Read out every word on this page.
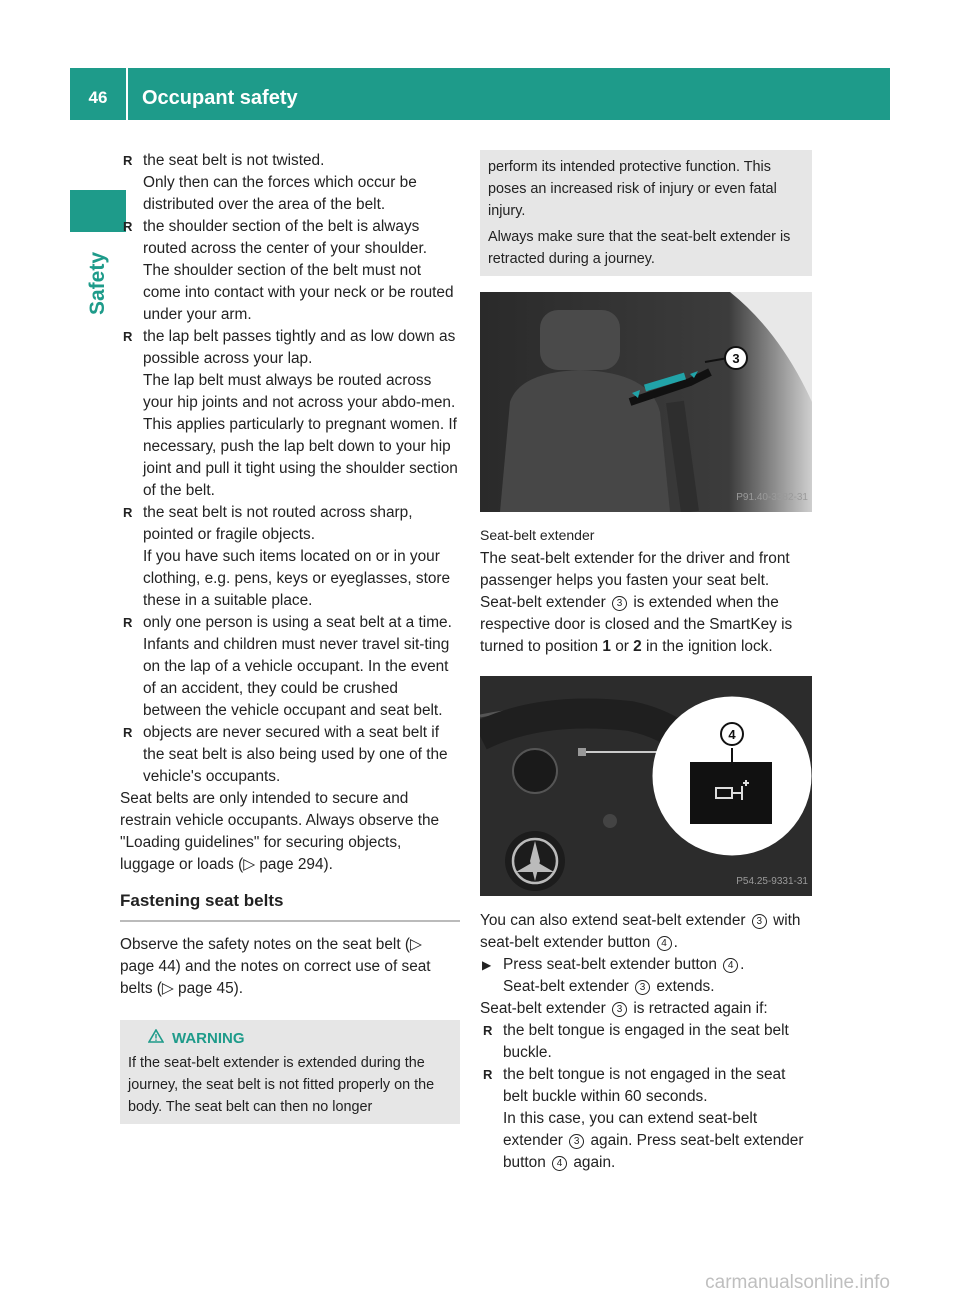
46	Occupant safety
Safety

R the seat belt is not twisted.

Only then can the forces which occur be distributed over the area of the belt.

R the shoulder section of the belt is always routed across the center of your shoulder.

The shoulder section of the belt must not come into contact with your neck or be routed under your arm.

R the lap belt passes tightly and as low down as possible across your lap.

The lap belt must always be routed across your hip joints and not across your abdo-men. This applies particularly to pregnant women. If necessary, push the lap belt down to your hip joint and pull it tight using the shoulder section of the belt.

R the seat belt is not routed across sharp, pointed or fragile objects.

If you have such items located on or in your clothing, e.g. pens, keys or eyeglasses, store these in a suitable place.

R only one person is using a seat belt at a time.

Infants and children must never travel sit-ting on the lap of a vehicle occupant. In the event of an accident, they could be crushed between the vehicle occupant and seat belt.

R objects are never secured with a seat belt if the seat belt is also being used by one of the vehicle's occupants.

Seat belts are only intended to secure and restrain vehicle occupants. Always observe the "Loading guidelines" for securing objects, luggage or loads (▷ page 294).

Fastening seat belts

Observe the safety notes on the seat belt (▷ page 44) and the notes on correct use of seat belts (▷ page 45).

WARNING

If the seat-belt extender is extended during the journey, the seat belt is not fitted properly on the body. The seat belt can then no longer

perform its intended protective function. This poses an increased risk of injury or even fatal injury.

Always make sure that the seat-belt extender is retracted during a journey.

3
P91.40-3382-31
Seat-belt extender

The seat-belt extender for the driver and front passenger helps you fasten your seat belt.

Seat-belt extender 3 is extended when the respective door is closed and the SmartKey is turned to position 1 or 2 in the ignition lock.

4
P54.25-9331-31

You can also extend seat-belt extender 3 with seat-belt extender button 4 .

▶ Press seat-belt extender button 4 .

Seat-belt extender 3 extends.

Seat-belt extender 3 is retracted again if:

R the belt tongue is engaged in the seat belt buckle.

R the belt tongue is not engaged in the seat belt buckle within 60 seconds.

In this case, you can extend seat-belt extender 3 again. Press seat-belt extender button 4 again.

carmanualsonline.info
